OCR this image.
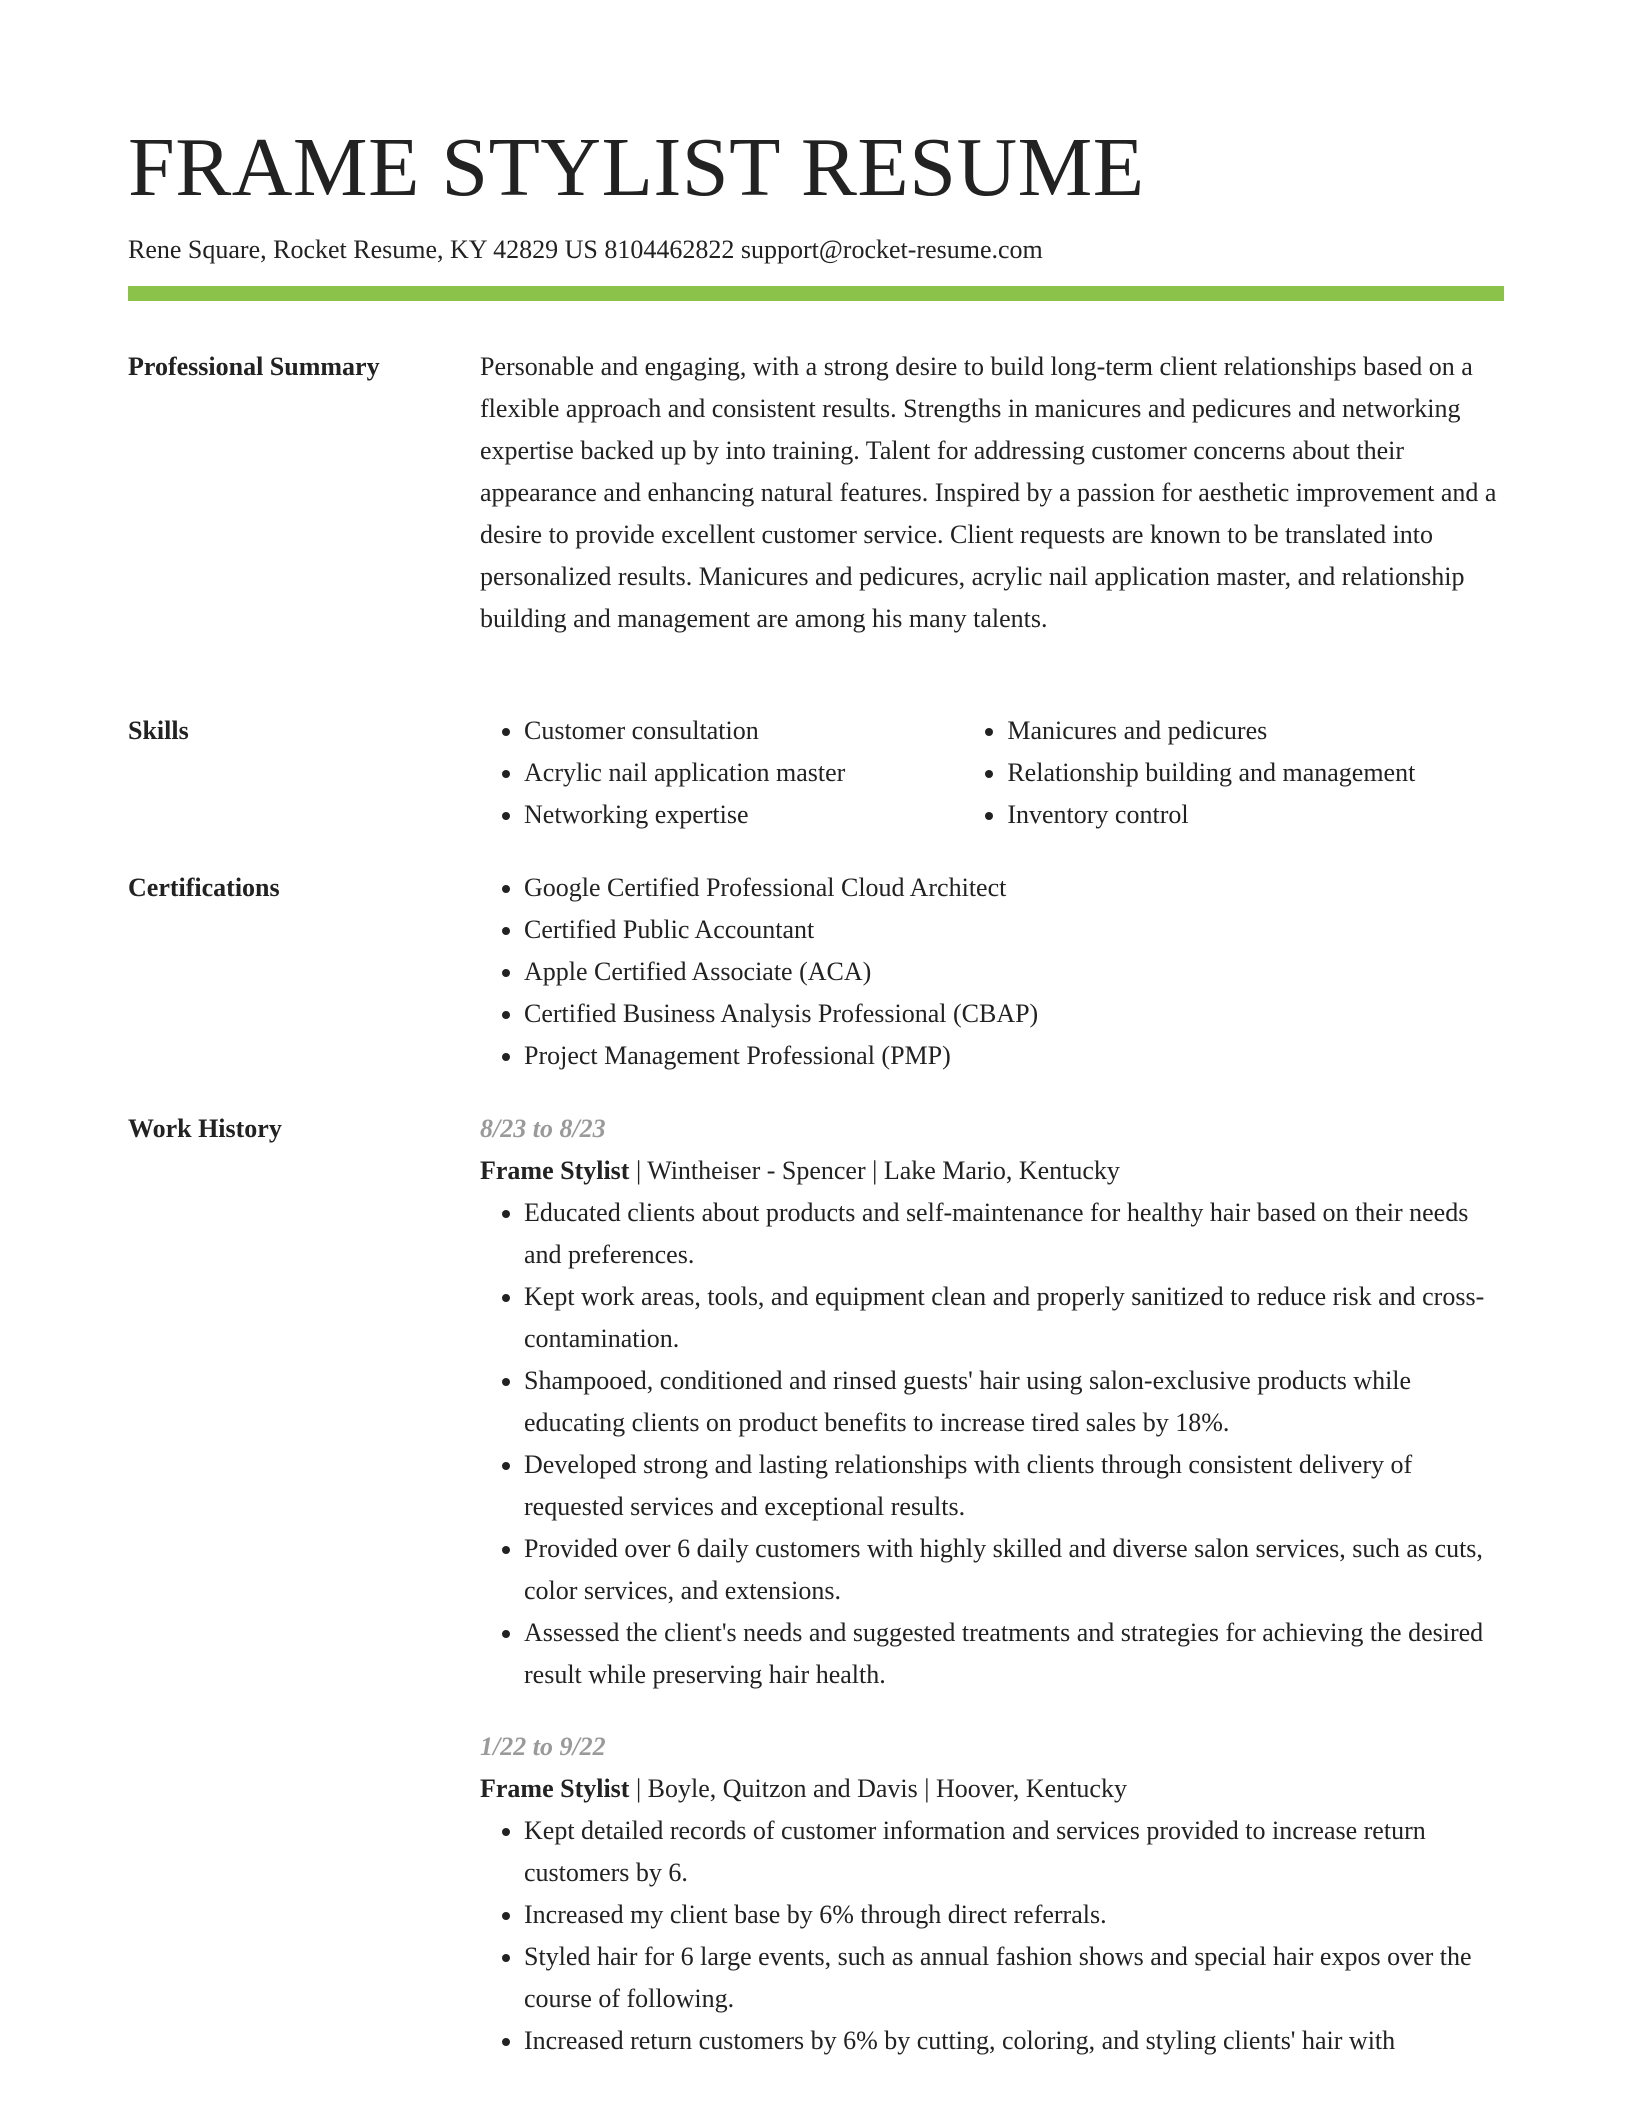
FRAME STYLIST RESUME
Rene Square, Rocket Resume, KY 42829 US 8104462822 support@rocket-resume.com
Professional Summary	Personable and engaging, with a strong desire to build long-term client relationships based on a flexible approach and consistent results. Strengths in manicures and pedicures and networking expertise backed up by into training. Talent for addressing customer concerns about their appearance and enhancing natural features. Inspired by a passion for aesthetic improvement and a desire to provide excellent customer service. Client requests are known to be translated into personalized results. Manicures and pedicures, acrylic nail application master, and relationship building and management are among his many talents.

Skills	• Customer consultation
• Acrylic nail application master
• Networking expertise
• Manicures and pedicures
• Relationship building and management
• Inventory control
Certifications	• Google Certified Professional Cloud Architect
• Certified Public Accountant
• Apple Certified Associate (ACA)
• Certified Business Analysis Professional (CBAP)
• Project Management Professional (PMP)
Work History	8/23 to 8/23
Frame Stylist | Wintheiser - Spencer | Lake Mario, Kentucky
• Educated clients about products and self-maintenance for healthy hair based on their needs and preferences.
• Kept work areas, tools, and equipment clean and properly sanitized to reduce risk and cross-contamination.
• Shampooed, conditioned and rinsed guests' hair using salon-exclusive products while educating clients on product benefits to increase tired sales by 18%.
• Developed strong and lasting relationships with clients through consistent delivery of requested services and exceptional results.
• Provided over 6 daily customers with highly skilled and diverse salon services, such as cuts, color services, and extensions.
• Assessed the client's needs and suggested treatments and strategies for achieving the desired result while preserving hair health.
1/22 to 9/22
Frame Stylist | Boyle, Quitzon and Davis | Hoover, Kentucky
• Kept detailed records of customer information and services provided to increase return customers by 6.
• Increased my client base by 6% through direct referrals.
• Styled hair for 6 large events, such as annual fashion shows and special hair expos over the course of following.
• Increased return customers by 6% by cutting, coloring, and styling clients' hair with
